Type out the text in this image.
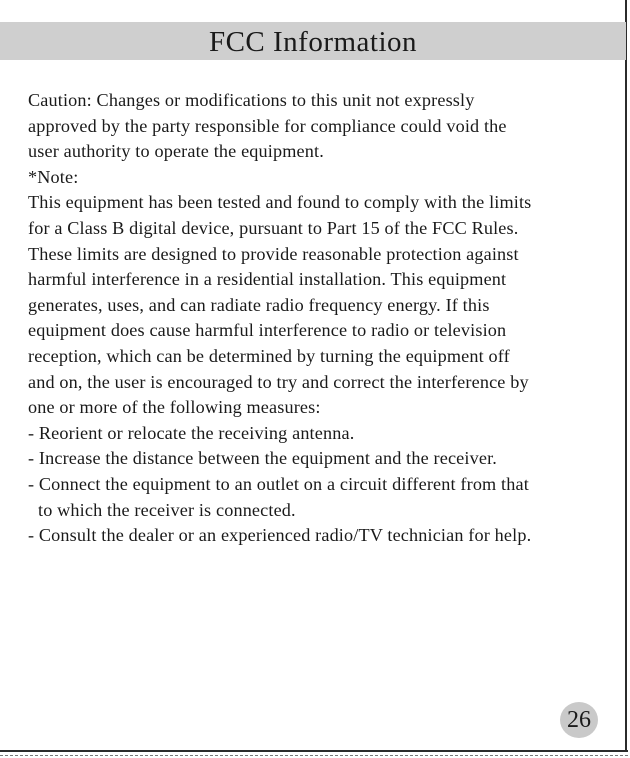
FCC Information
Caution: Changes or modifications to this unit not expressly
approved by the party responsible for compliance could void the
user authority to operate the equipment.
*Note:
This equipment has been tested and found to comply with the limits
for a Class B digital device, pursuant to Part 15 of the FCC Rules.
These limits are designed to provide reasonable protection against
harmful interference in a residential installation. This equipment
generates, uses, and can radiate radio frequency energy. If this
equipment does cause harmful interference to radio or television
reception, which can be determined by turning the equipment off
and on, the user is encouraged to try and correct the interference by
one or more of the following measures:
- Reorient or relocate the receiving antenna.
- Increase the distance between the equipment and the receiver.
- Connect the equipment to an outlet on a circuit different from that
to which the receiver is connected.
- Consult the dealer or an experienced radio/TV technician for help.
26
